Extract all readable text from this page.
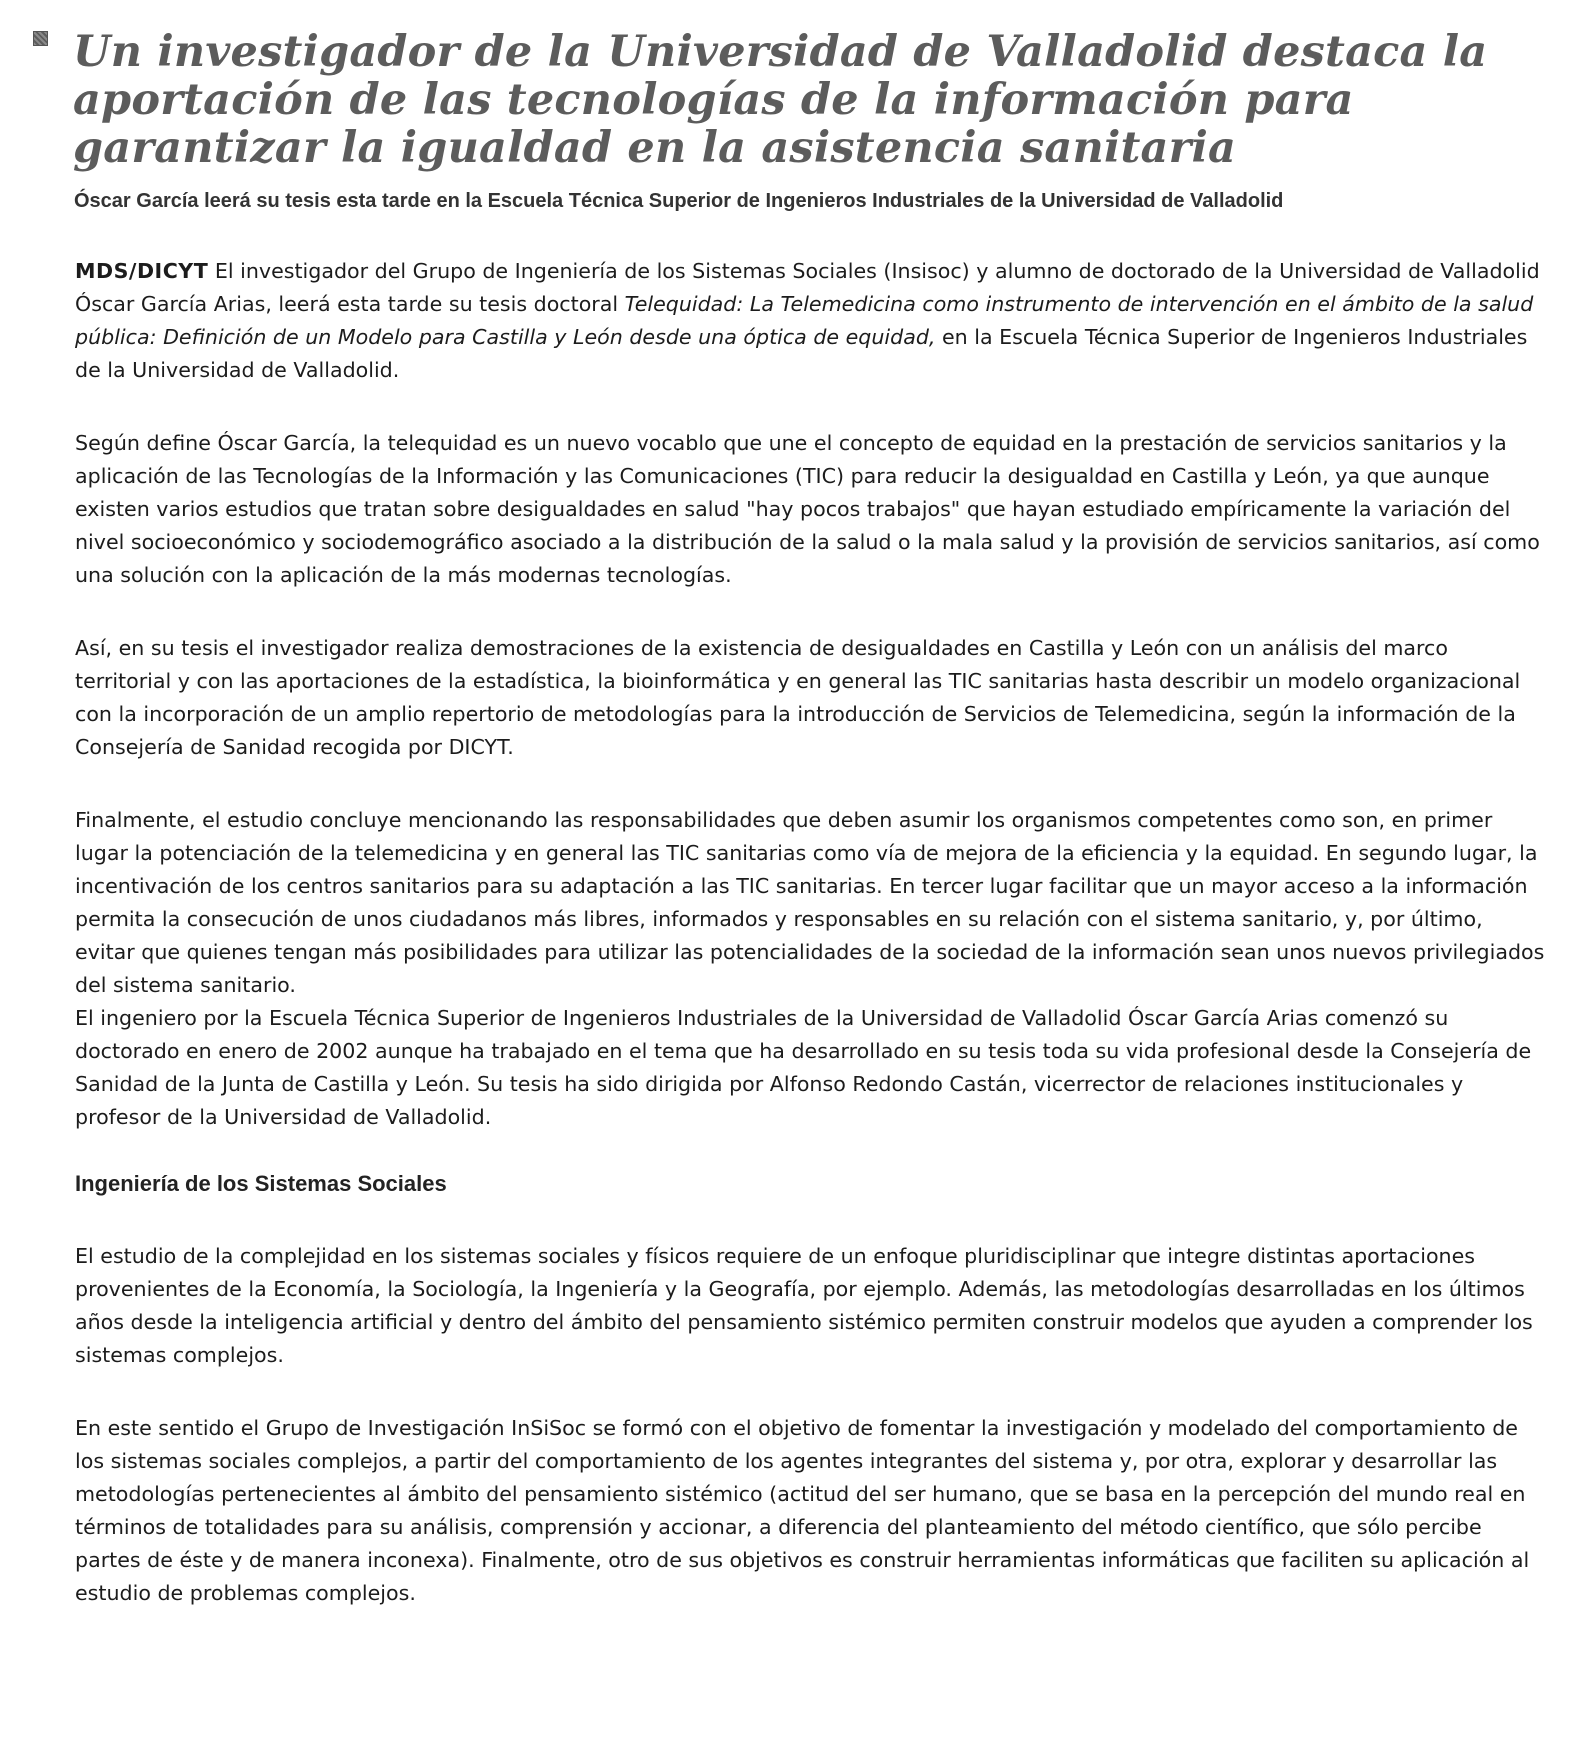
Un investigador de la Universidad de Valladolid destaca la aportación de las tecnologías de la información para garantizar la igualdad en la asistencia sanitaria
Óscar García leerá su tesis esta tarde en la Escuela Técnica Superior de Ingenieros Industriales de la Universidad de Valladolid

MDS/DICYT El investigador del Grupo de Ingeniería de los Sistemas Sociales (Insisoc) y alumno de doctorado de la Universidad de Valladolid Óscar García Arias, leerá esta tarde su tesis doctoral Telequidad: La Telemedicina como instrumento de intervención en el ámbito de la salud pública: Definición de un Modelo para Castilla y León desde una óptica de equidad, en la Escuela Técnica Superior de Ingenieros Industriales de la Universidad de Valladolid.

Según define Óscar García, la telequidad es un nuevo vocablo que une el concepto de equidad en la prestación de servicios sanitarios y la aplicación de las Tecnologías de la Información y las Comunicaciones (TIC) para reducir la desigualdad en Castilla y León, ya que aunque existen varios estudios que tratan sobre desigualdades en salud "hay pocos trabajos" que hayan estudiado empíricamente la variación del nivel socioeconómico y sociodemográfico asociado a la distribución de la salud o la mala salud y la provisión de servicios sanitarios, así como una solución con la aplicación de la más modernas tecnologías.

Así, en su tesis el investigador realiza demostraciones de la existencia de desigualdades en Castilla y León con un análisis del marco territorial y con las aportaciones de la estadística, la bioinformática y en general las TIC sanitarias hasta describir un modelo organizacional con la incorporación de un amplio repertorio de metodologías para la introducción de Servicios de Telemedicina, según la información de la Consejería de Sanidad recogida por DICYT.

Finalmente, el estudio concluye mencionando las responsabilidades que deben asumir los organismos competentes como son, en primer lugar la potenciación de la telemedicina y en general las TIC sanitarias como vía de mejora de la eficiencia y la equidad. En segundo lugar, la incentivación de los centros sanitarios para su adaptación a las TIC sanitarias. En tercer lugar facilitar que un mayor acceso a la información permita la consecución de unos ciudadanos más libres, informados y responsables en su relación con el sistema sanitario, y, por último, evitar que quienes tengan más posibilidades para utilizar las potencialidades de la sociedad de la información sean unos nuevos privilegiados del sistema sanitario.

El ingeniero por la Escuela Técnica Superior de Ingenieros Industriales de la Universidad de Valladolid Óscar García Arias comenzó su doctorado en enero de 2002 aunque ha trabajado en el tema que ha desarrollado en su tesis toda su vida profesional desde la Consejería de Sanidad de la Junta de Castilla y León. Su tesis ha sido dirigida por Alfonso Redondo Castán, vicerrector de relaciones institucionales y profesor de la Universidad de Valladolid.

Ingeniería de los Sistemas Sociales

El estudio de la complejidad en los sistemas sociales y físicos requiere de un enfoque pluridisciplinar que integre distintas aportaciones provenientes de la Economía, la Sociología, la Ingeniería y la Geografía, por ejemplo. Además, las metodologías desarrolladas en los últimos años desde la inteligencia artificial y dentro del ámbito del pensamiento sistémico permiten construir modelos que ayuden a comprender los sistemas complejos.

En este sentido el Grupo de Investigación InSiSoc se formó con el objetivo de fomentar la investigación y modelado del comportamiento de los sistemas sociales complejos, a partir del comportamiento de los agentes integrantes del sistema y, por otra, explorar y desarrollar las metodologías pertenecientes al ámbito del pensamiento sistémico (actitud del ser humano, que se basa en la percepción del mundo real en términos de totalidades para su análisis, comprensión y accionar, a diferencia del planteamiento del método científico, que sólo percibe partes de éste y de manera inconexa). Finalmente, otro de sus objetivos es construir herramientas informáticas que faciliten su aplicación al estudio de problemas complejos.
